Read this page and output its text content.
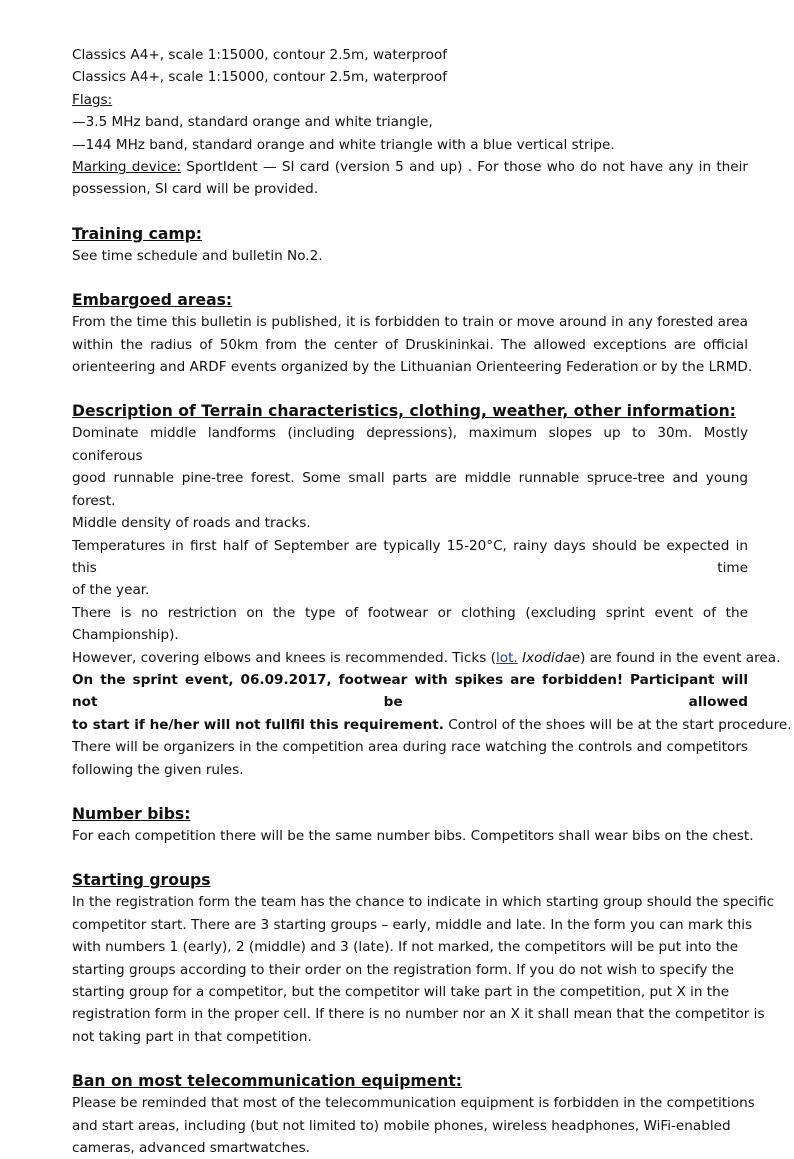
Classics A4+, scale 1:15000, contour 2.5m, waterproof

Classics A4+, scale 1:15000, contour 2.5m, waterproof

Flags:

—3.5 MHz band, standard orange and white triangle,

—144 MHz band, standard orange and white triangle with a blue vertical stripe.

Marking device: SportIdent — SI card (version 5 and up) . For those who do not have any in their

possession, SI card will be provided.

Training camp:

See time schedule and bulletin No.2.

Embargoed areas:

From the time this bulletin is published, it is forbidden to train or move around in any forested area

within the radius of 50km from the center of Druskininkai. The allowed exceptions are official

orienteering and ARDF events organized by the Lithuanian Orienteering Federation or by the LRMD.

Description of Terrain characteristics, clothing, weather, other information:

Dominate middle landforms (including depressions), maximum slopes up to 30m. Mostly coniferous

good runnable pine-tree forest. Some small parts are middle runnable spruce-tree and young forest.

Middle density of roads and tracks.

Temperatures in first half of September are typically 15-20°C, rainy days should be expected in this time

of the year.

There is no restriction on the type of footwear or clothing (excluding sprint event of the Championship).

However, covering elbows and knees is recommended. Ticks (lot. Ixodidae) are found in the event area.

On the sprint event, 06.09.2017, footwear with spikes are forbidden! Participant will not be allowed

to start if he/her will not fullfil this requirement. Control of the shoes will be at the start procedure.

There will be organizers in the competition area during race watching the controls and competitors

following the given rules.

Number bibs:

For each competition there will be the same number bibs. Competitors shall wear bibs on the chest.

Starting groups

In the registration form the team has the chance to indicate in which starting group should the specific

competitor start. There are 3 starting groups – early, middle and late. In the form you can mark this

with numbers 1 (early), 2 (middle) and 3 (late). If not marked, the competitors will be put into the

starting groups according to their order on the registration form. If you do not wish to specify the

starting group for a competitor, but the competitor will take part in the competition, put X in the

registration form in the proper cell. If there is no number nor an X it shall mean that the competitor is

not taking part in that competition.

Ban on most telecommunication equipment:

Please be reminded that most of the telecommunication equipment is forbidden in the competitions

and start areas, including (but not limited to) mobile phones, wireless headphones, WiFi-enabled

cameras, advanced smartwatches.
